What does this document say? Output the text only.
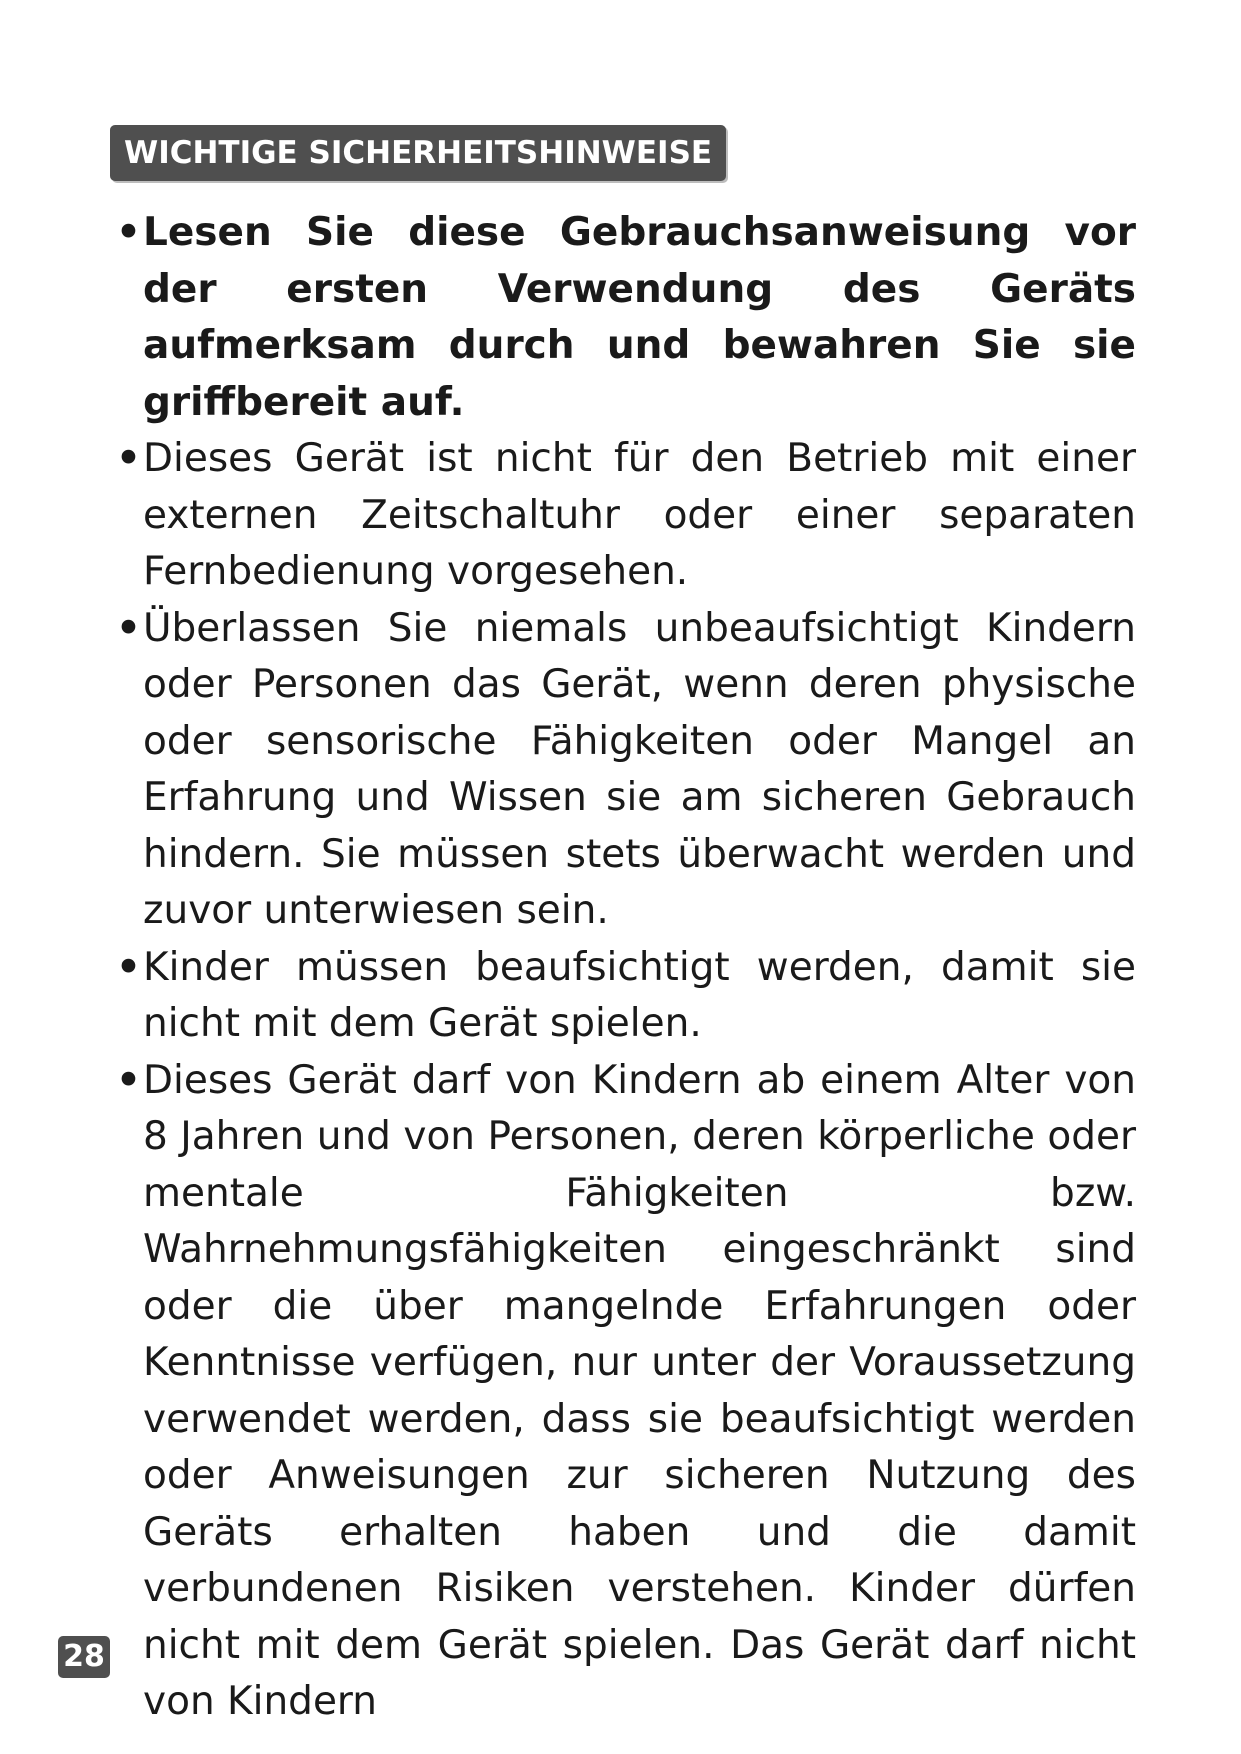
WICHTIGE SICHERHEITSHINWEISE
• Lesen Sie diese Gebrauchsanweisung vor der ersten Verwendung des Geräts aufmerksam durch und bewahren Sie sie griffbereit auf.
• Dieses Gerät ist nicht für den Betrieb mit einer externen Zeitschaltuhr oder einer separaten Fernbedienung vorgesehen.
• Überlassen Sie niemals unbeaufsichtigt Kindern oder Personen das Gerät, wenn deren physische oder sensorische Fähigkeiten oder Mangel an Erfahrung und Wissen sie am sicheren Gebrauch hindern. Sie müssen stets überwacht werden und zuvor unterwiesen sein.
• Kinder müssen beaufsichtigt werden, damit sie nicht mit dem Gerät spielen.
• Dieses Gerät darf von Kindern ab einem Alter von 8 Jahren und von Personen, deren körperliche oder mentale Fähigkeiten bzw. Wahrnehmungsfähigkeiten eingeschränkt sind oder die über mangelnde Erfahrungen oder Kenntnisse verfügen, nur unter der Voraussetzung verwendet werden, dass sie beaufsichtigt werden oder Anweisungen zur sicheren Nutzung des Geräts erhalten haben und die damit verbundenen Risiken verstehen. Kinder dürfen nicht mit dem Gerät spielen. Das Gerät darf nicht von Kindern
28
